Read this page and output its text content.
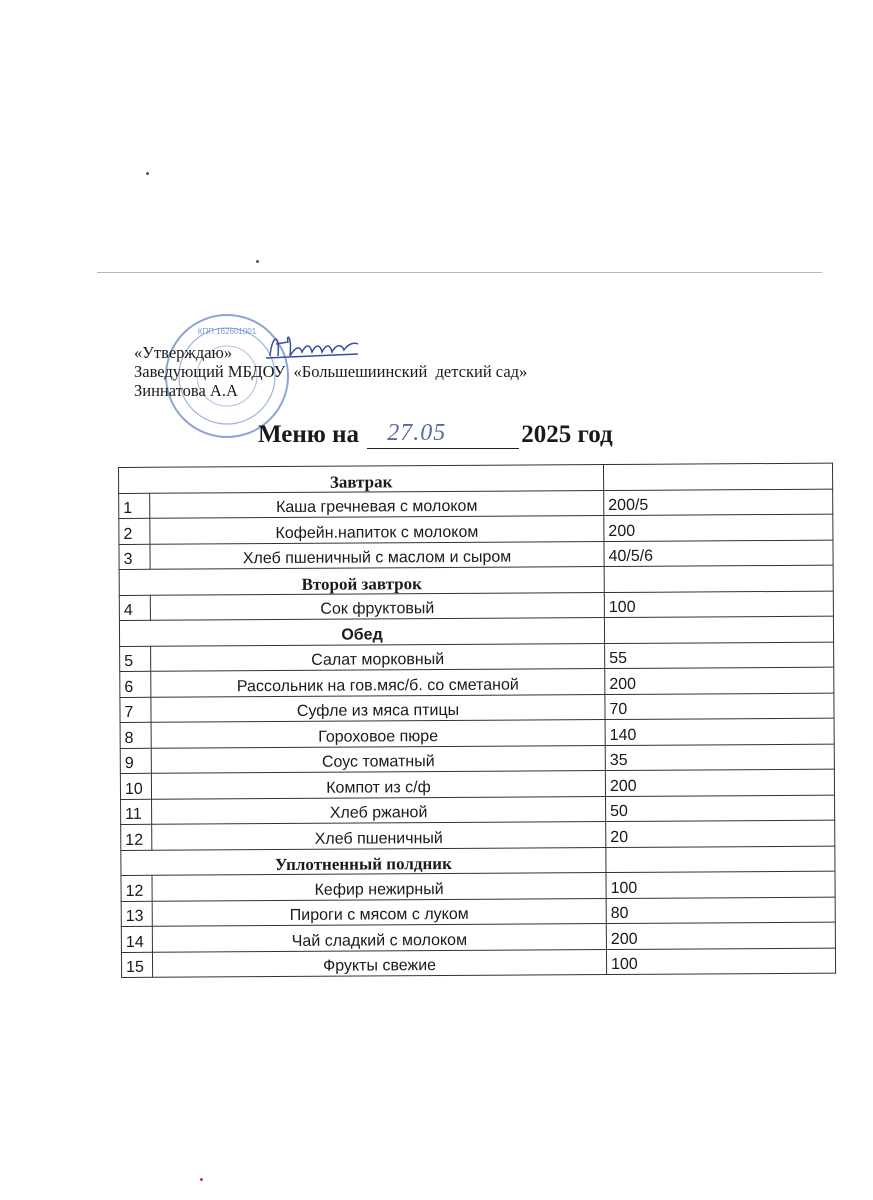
КПП 162601001
«Утверждаю»
Заведующий МБДОУ  «Большешиинский  детский сад»
Зиннатова А.А
Меню на 27.05	2025 год
Завтрак		
1	Каша гречневая с молоком	200/5
2	Кофейн.напиток с молоком	200
3	Хлеб пшеничный с маслом и сыром	40/5/6
Второй завтрок		
4	Сок фруктовый	100
Обед		
5	Салат морковный	55
6	Рассольник на гов.мяс/б. со сметаной	200
7	Суфле из мяса птицы	70
8	Гороховое пюре	140
9	Соус томатный	35
10	Компот из с/ф	200
11	Хлеб ржаной	50
12	Хлеб пшеничный	20
Уплотненный полдник		
12	Кефир нежирный	100
13	Пироги с мясом с луком	80
14	Чай сладкий с молоком	200
15	Фрукты свежие	100
